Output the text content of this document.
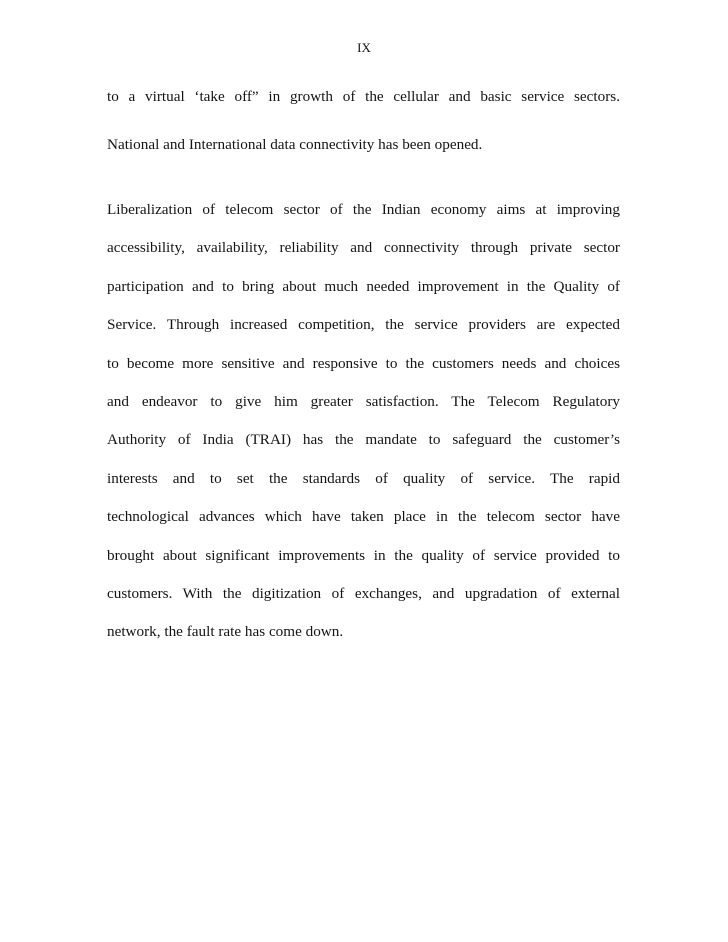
IX
to a virtual ‘take off” in growth of the cellular and basic service sectors.
National and International data connectivity has been opened.
Liberalization of telecom sector of the Indian economy aims at improving
accessibility, availability, reliability and connectivity through private sector
participation and to bring about much needed improvement in the Quality of
Service. Through increased competition, the service providers are expected
to become more sensitive and responsive to the customers needs and choices
and endeavor to give him greater satisfaction. The Telecom Regulatory
Authority of India (TRAI) has the mandate to safeguard the customer’s
interests and to set the standards of quality of service. The rapid
technological advances which have taken place in the telecom sector have
brought about significant improvements in the quality of service provided to
customers. With the digitization of exchanges, and upgradation of external
network, the fault rate has come down.
